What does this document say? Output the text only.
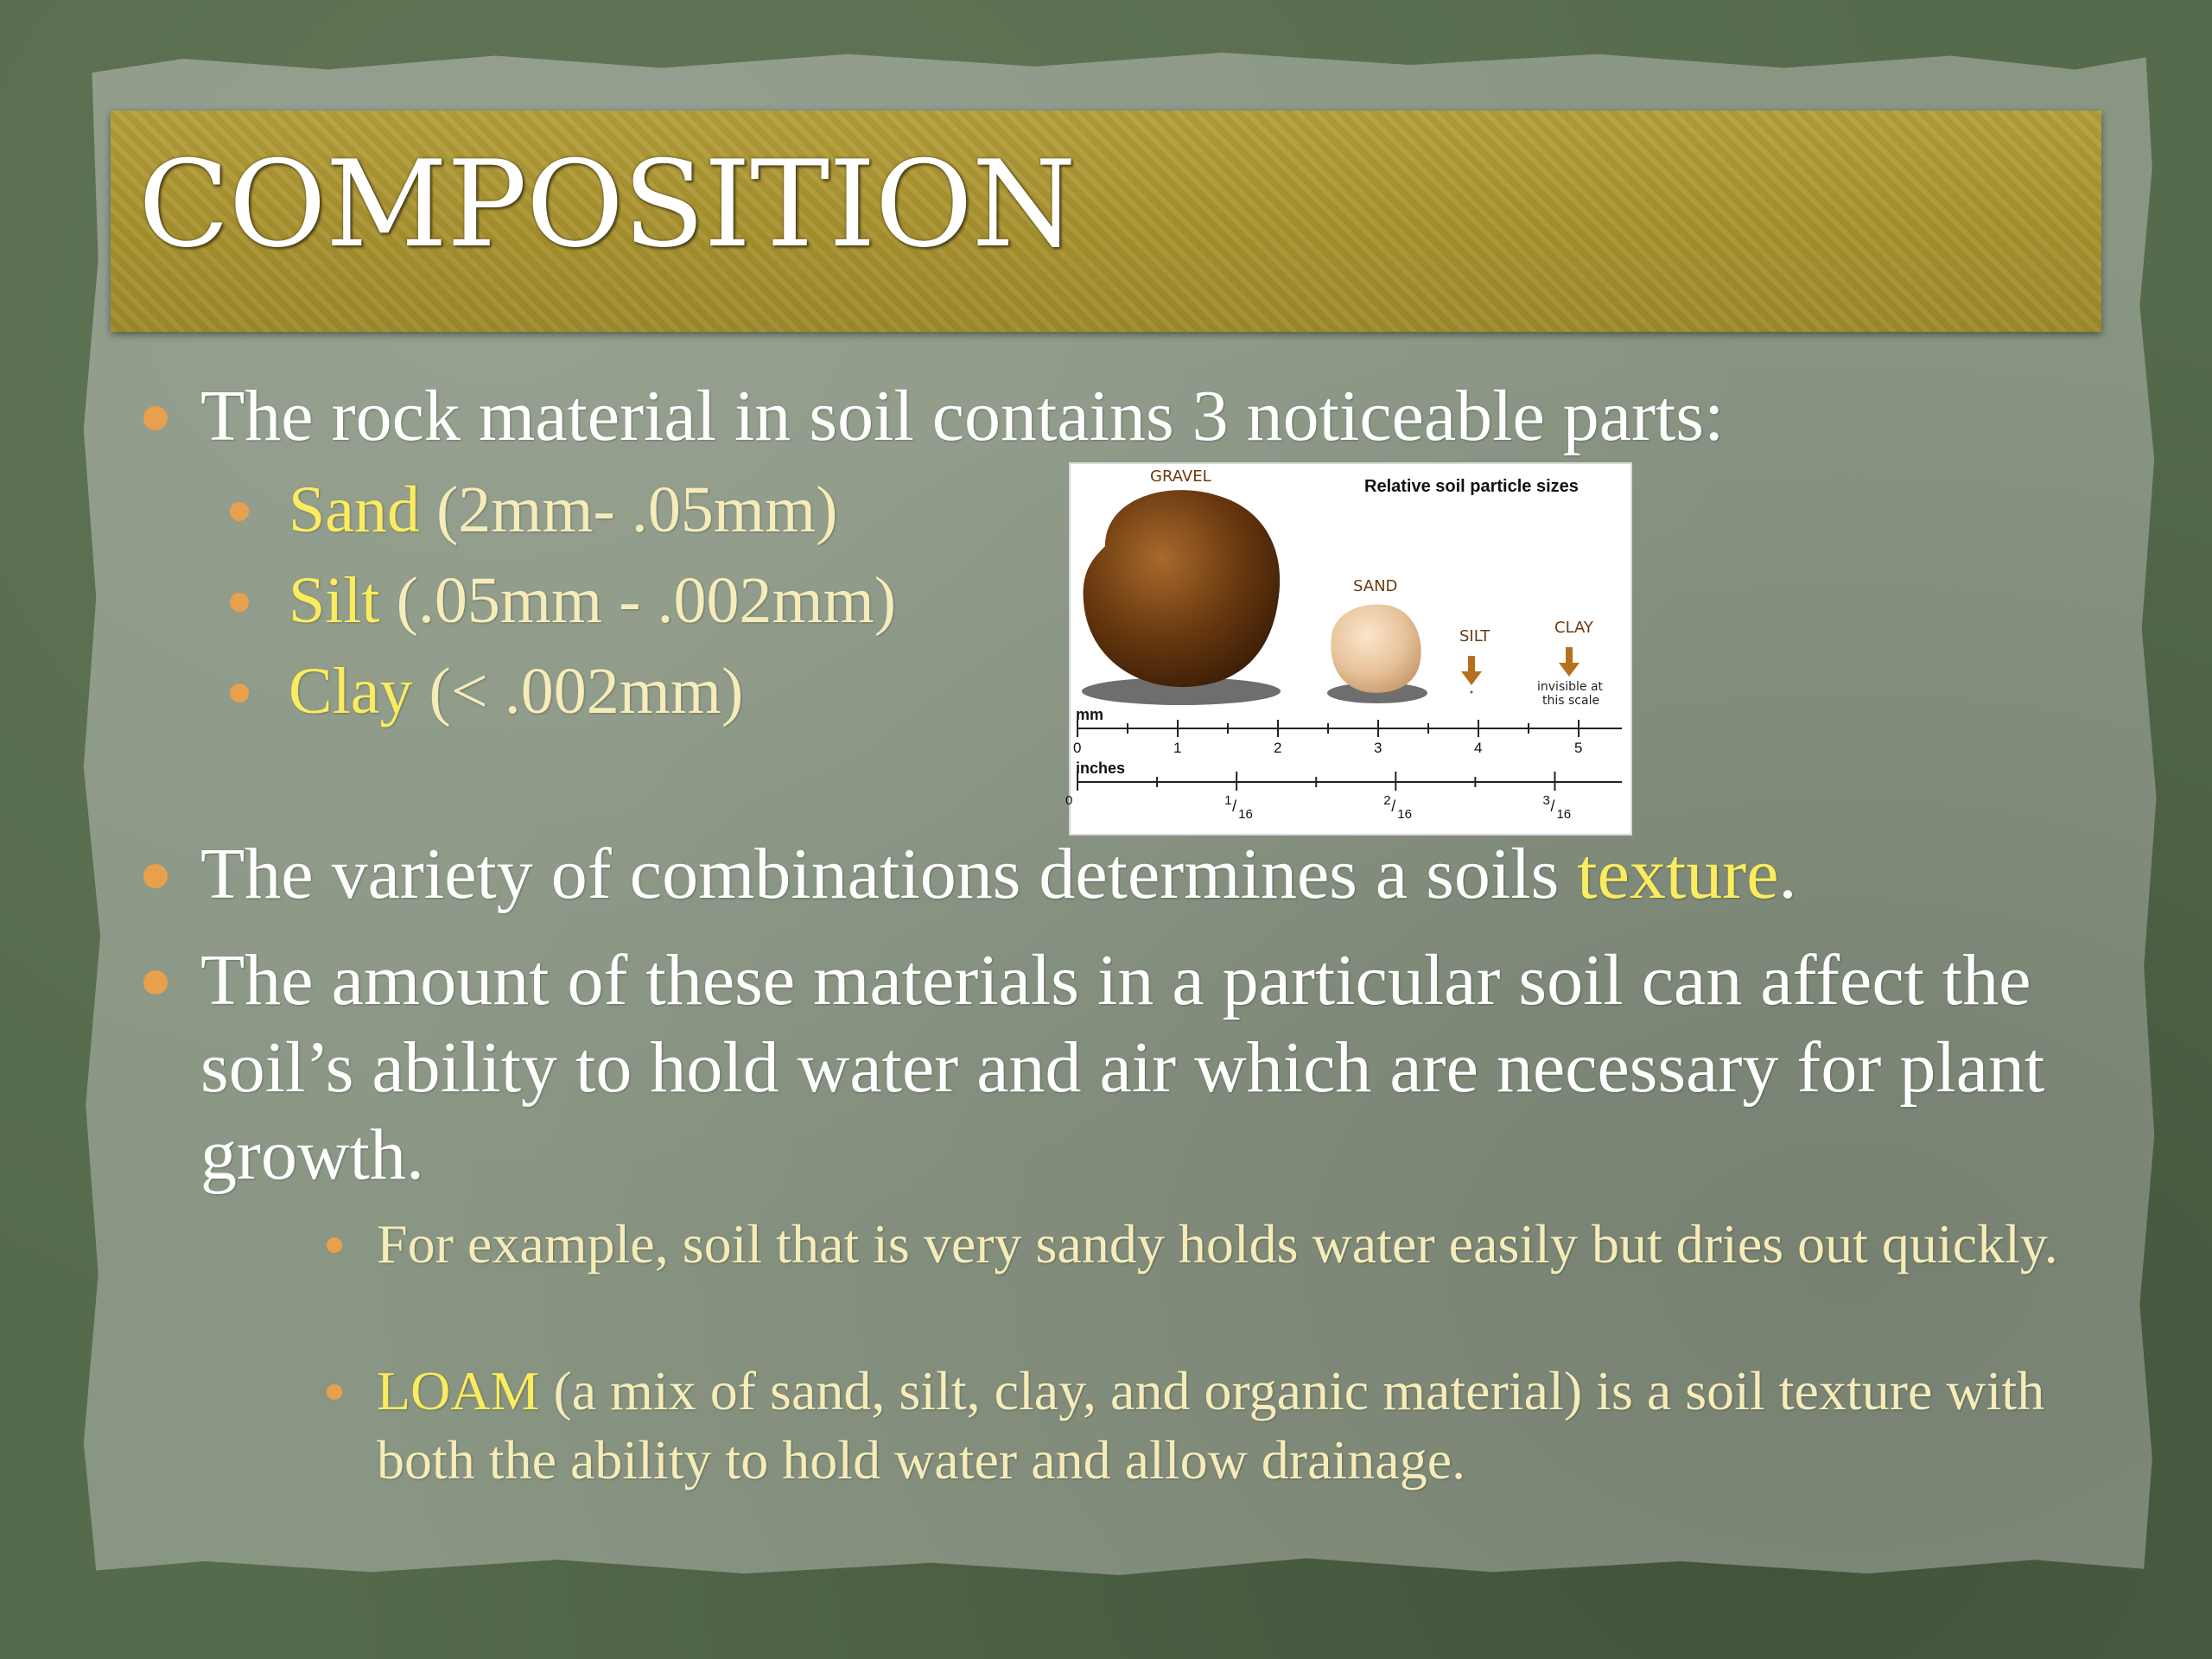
COMPOSITION
The rock material in soil contains 3 noticeable parts:
Sand (2mm- .05mm)
Silt (.05mm - .002mm)
Clay (< .002mm)
Relative soil particle sizes
GRAVEL
SAND
SILT	CLAY
invisible at
this scale
mm
0	1	2	3	4	5
inches
0	1 / 16
2 / 16
3 / 16
The variety of combinations determines a soils texture.
The amount of these materials in a particular soil can affect the soil’s ability to hold water and air which are necessary for plant growth.
For example, soil that is very sandy holds water easily but dries out quickly.
LOAM (a mix of sand, silt, clay, and organic material) is a soil texture with both the ability to hold water and allow drainage.
